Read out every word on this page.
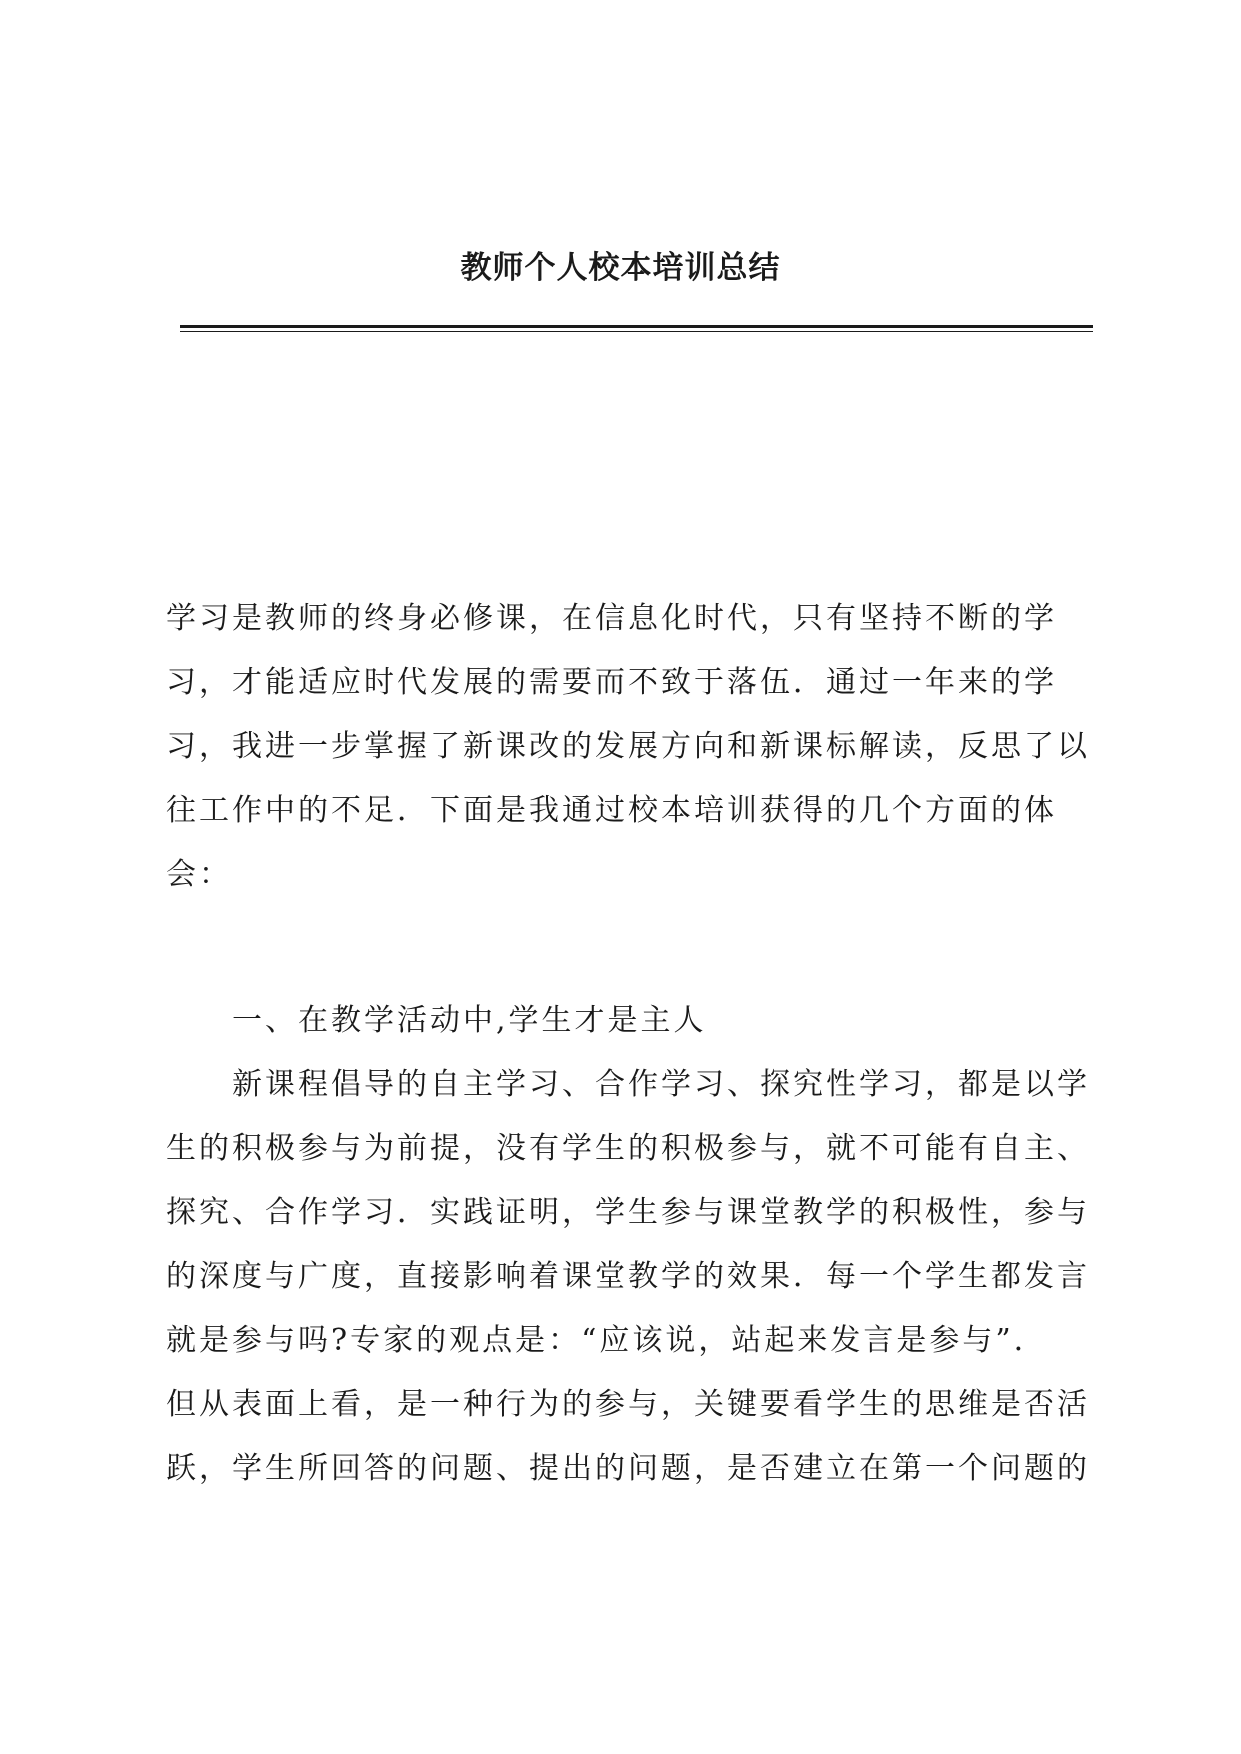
教师个人校本培训总结
学习是教师的终身必修课，在信息化时代，只有坚持不断的学
习，才能适应时代发展的需要而不致于落伍．通过一年来的学
习，我进一步掌握了新课改的发展方向和新课标解读，反思了以
往工作中的不足．下面是我通过校本培训获得的几个方面的体
会：
一、在教学活动中,学生才是主人
新课程倡导的自主学习、合作学习、探究性学习，都是以学
生的积极参与为前提，没有学生的积极参与，就不可能有自主、
探究、合作学习．实践证明，学生参与课堂教学的积极性，参与
的深度与广度，直接影响着课堂教学的效果．每一个学生都发言
就是参与吗?专家的观点是：“应该说，站起来发言是参与”．
但从表面上看，是一种行为的参与，关键要看学生的思维是否活
跃，学生所回答的问题、提出的问题，是否建立在第一个问题的
